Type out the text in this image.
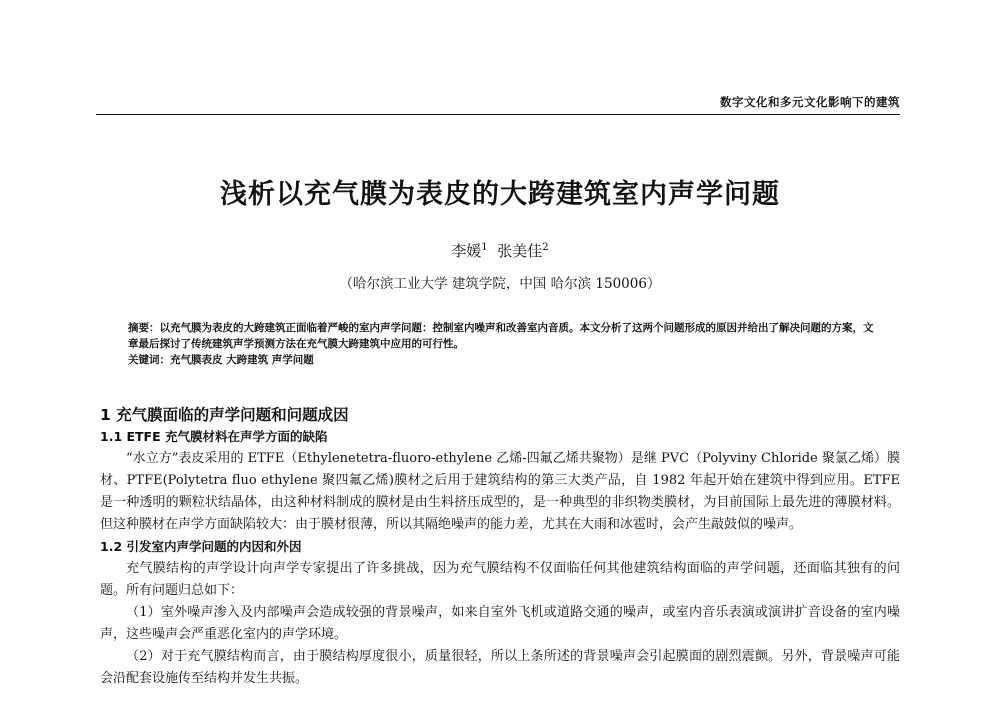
数字文化和多元文化影响下的建筑
浅析以充气膜为表皮的大跨建筑室内声学问题
李媛$^1$ 张美佳$^2$
（哈尔滨工业大学 建筑学院，中国 哈尔滨 150006）
摘要：以充气膜为表皮的大跨建筑正面临着严峻的室内声学问题：控制室内噪声和改善室内音质。本文分析了这两个问题形成的原因并给出了解决问题的方案，文章最后探讨了传统建筑声学预测方法在充气膜大跨建筑中应用的可行性。
关键词：充气膜表皮 大跨建筑 声学问题
1 充气膜面临的声学问题和问题成因
1.1 ETFE 充气膜材料在声学方面的缺陷

“水立方”表皮采用的 ETFE（Ethylenetetra-fluoro-ethylene 乙烯-四氟乙烯共聚物）是继 PVC（Polyviny Chloride 聚氯乙烯）膜材、PTFE(Polytetra fluo ethylene 聚四氟乙烯)膜材之后用于建筑结构的第三大类产品，自 1982 年起开始在建筑中得到应用。ETFE 是一种透明的颗粒状结晶体，由这种材料制成的膜材是由生料挤压成型的，是一种典型的非织物类膜材，为目前国际上最先进的薄膜材料。但这种膜材在声学方面缺陷较大：由于膜材很薄，所以其隔绝噪声的能力差，尤其在大雨和冰雹时，会产生敲鼓似的噪声。

1.2 引发室内声学问题的内因和外因

充气膜结构的声学设计向声学专家提出了许多挑战，因为充气膜结构不仅面临任何其他建筑结构面临的声学问题，还面临其独有的问题。所有问题归总如下：

（1）室外噪声渗入及内部噪声会造成较强的背景噪声，如来自室外飞机或道路交通的噪声，或室内音乐表演或演讲扩音设备的室内噪声，这些噪声会严重恶化室内的声学环境。

（2）对于充气膜结构而言，由于膜结构厚度很小，质量很轻，所以上条所述的背景噪声会引起膜面的剧烈震颤。另外，背景噪声可能会沿配套设施传至结构并发生共振。
